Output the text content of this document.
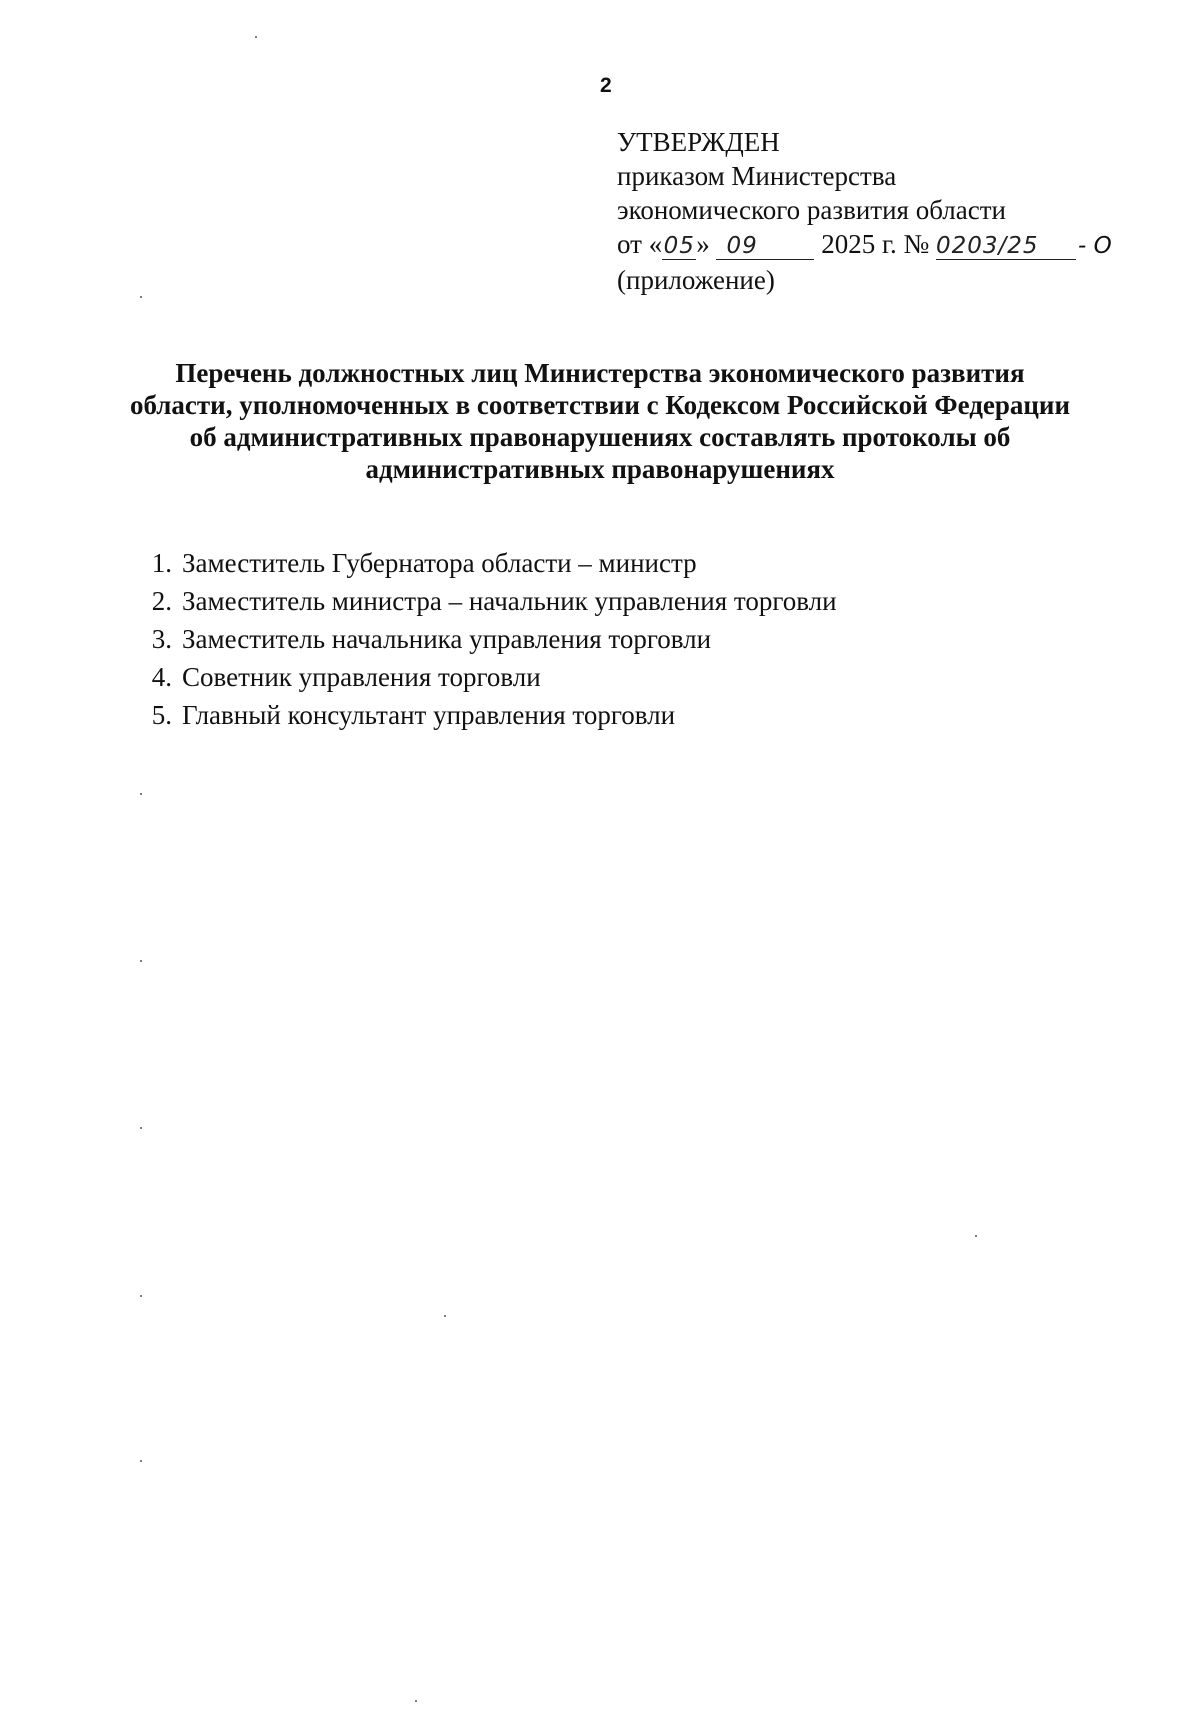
2
УТВЕРЖДЕН
приказом Министерства
экономического развития области
от «05» 09 2025 г. № 0203/25 - О
(приложение)
Перечень должностных лиц Министерства экономического развития
области, уполномоченных в соответствии с Кодексом Российской Федерации
об административных правонарушениях составлять протоколы об
административных правонарушениях
1. Заместитель Губернатора области – министр
2. Заместитель министра – начальник управления торговли
3. Заместитель начальника управления торговли
4. Советник управления торговли
5. Главный консультант управления торговли
